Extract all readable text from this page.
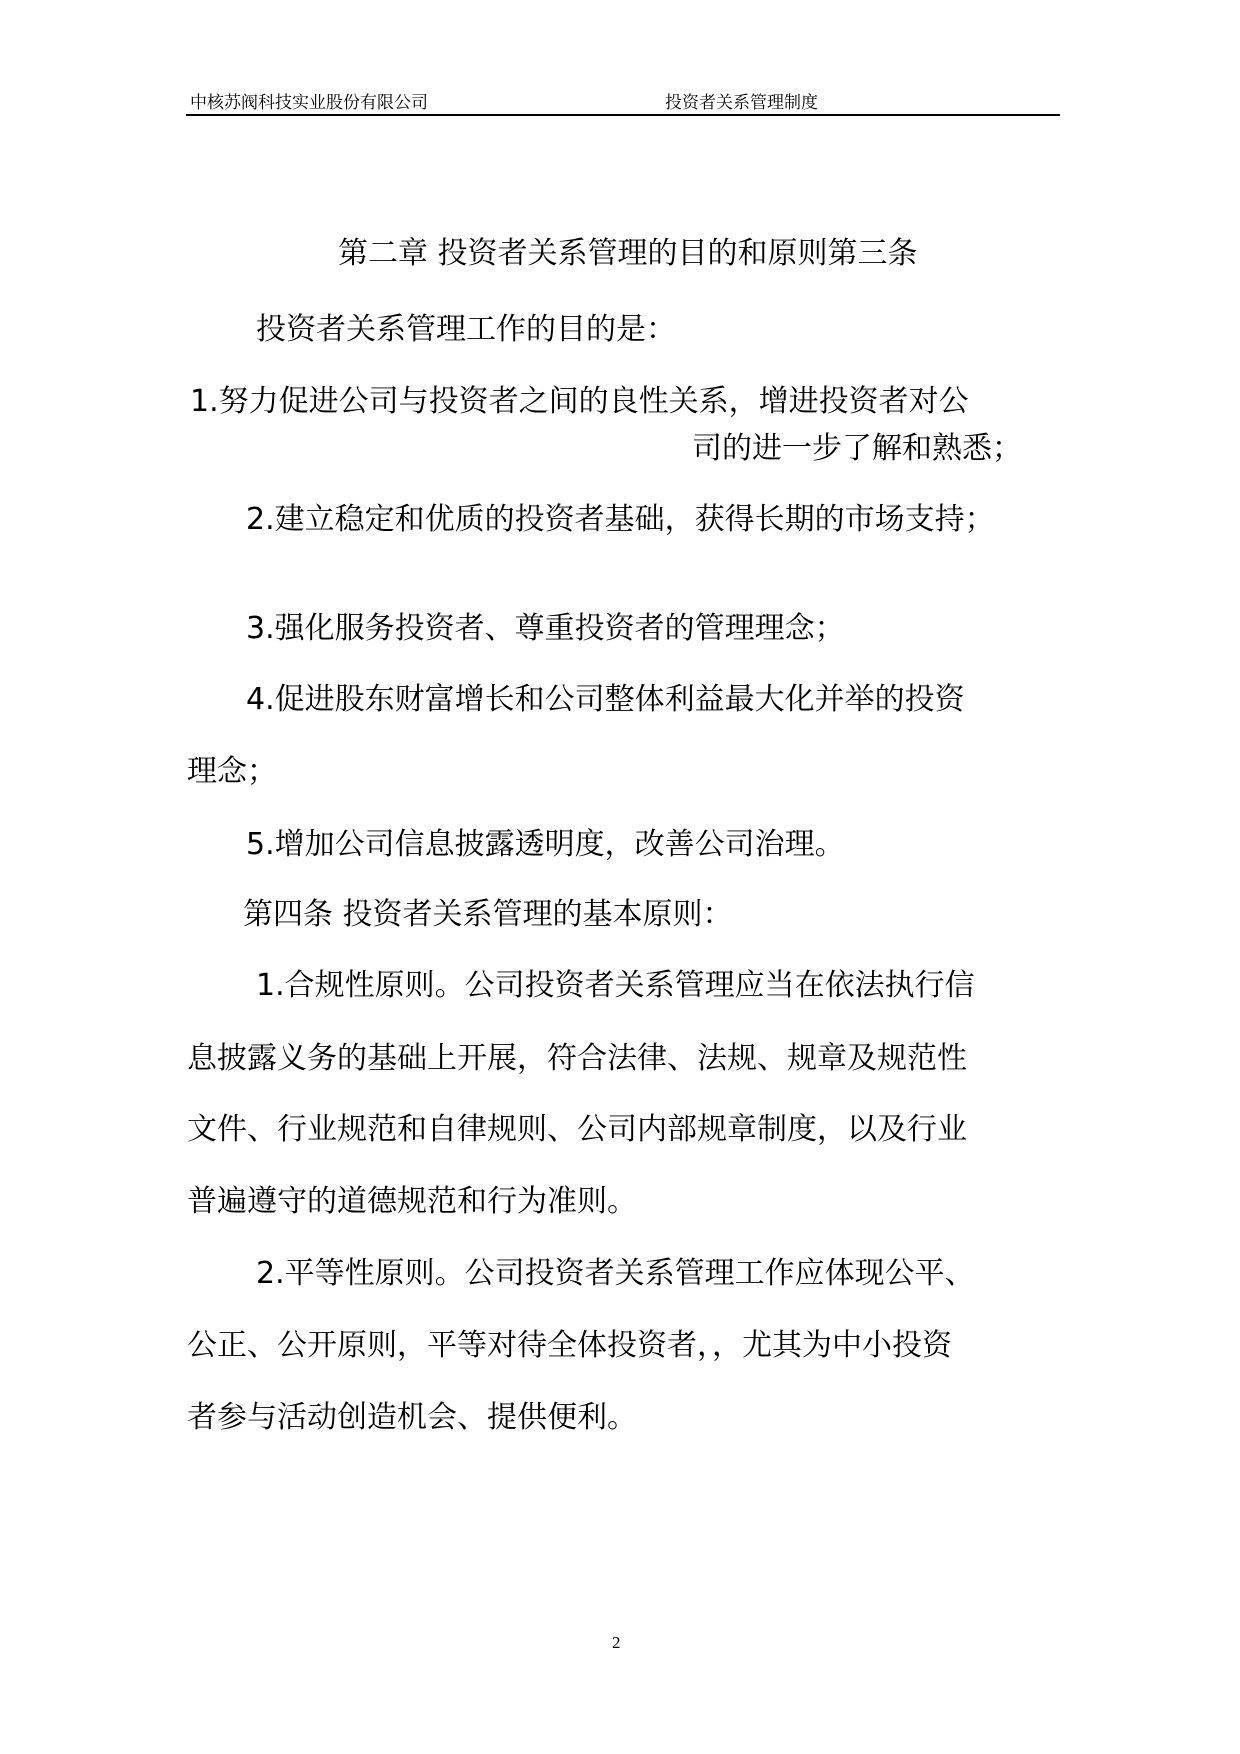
中核苏阀科技实业股份有限公司	投资者关系管理制度
第二章 投资者关系管理的目的和原则第三条
投资者关系管理工作的目的是：
1.努力促进公司与投资者之间的良性关系，增进投资者对公
司的进一步了解和熟悉；
2.建立稳定和优质的投资者基础，获得长期的市场支持；
3.强化服务投资者、尊重投资者的管理理念；
4.促进股东财富增长和公司整体利益最大化并举的投资
理念；
5.增加公司信息披露透明度，改善公司治理。
第四条 投资者关系管理的基本原则：
1.合规性原则。公司投资者关系管理应当在依法执行信
息披露义务的基础上开展，符合法律、法规、规章及规范性
文件、行业规范和自律规则、公司内部规章制度，以及行业
普遍遵守的道德规范和行为准则。
2.平等性原则。公司投资者关系管理工作应体现公平、
公正、公开原则，平等对待全体投资者，，尤其为中小投资
者参与活动创造机会、提供便利。
2
